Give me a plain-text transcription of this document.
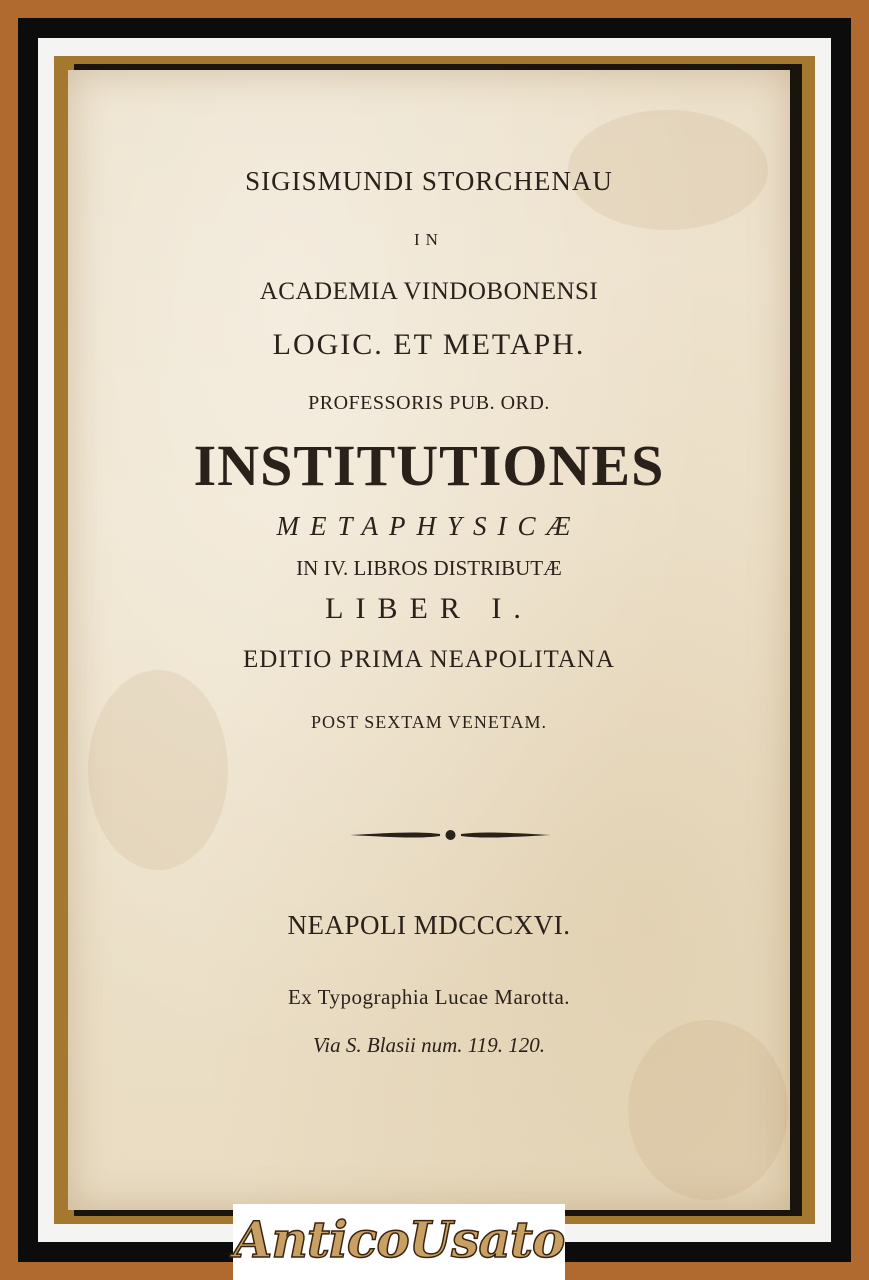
SIGISMUNDI STORCHENAU
IN
ACADEMIA VINDOBONENSI
LOGIC. ET METAPH.
PROFESSORIS PUB. ORD.
INSTITUTIONES
METAPHYSICÆ
IN IV. LIBROS DISTRIBUTÆ
LIBER I.
EDITIO PRIMA NEAPOLITANA
POST SEXTAM VENETAM.
NEAPOLI MDCCCXVI.
Ex Typographia Lucae Marotta.
Via S. Blasii num. 119. 120.
AnticoUsato
